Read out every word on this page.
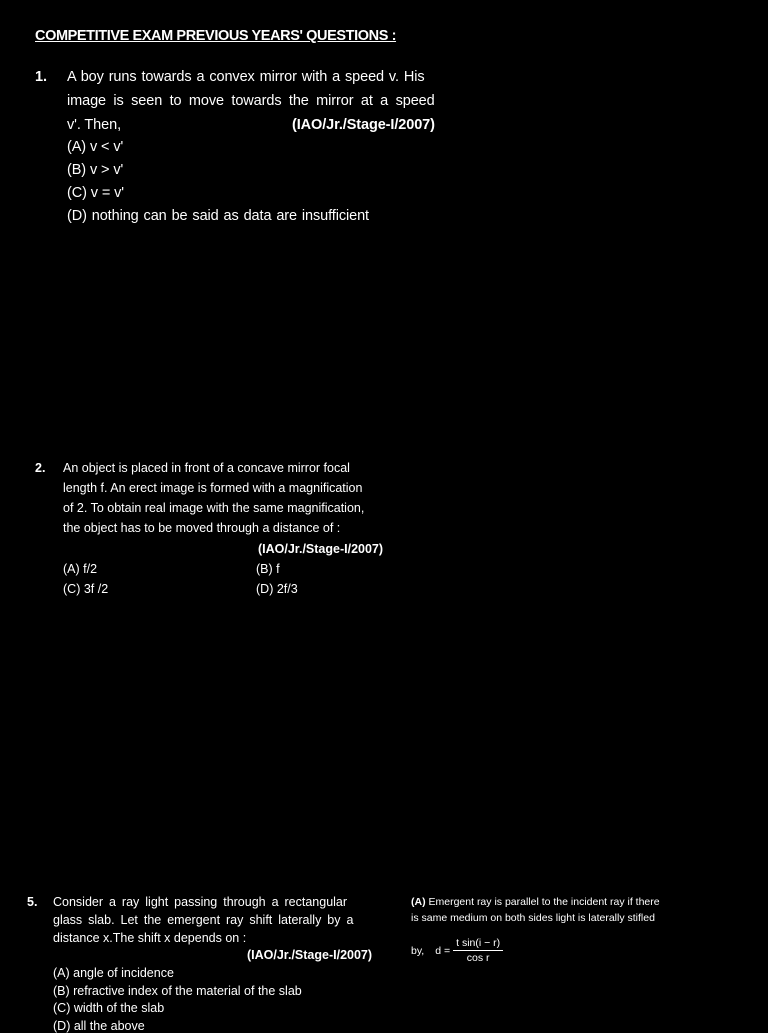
COMPETITIVE EXAM PREVIOUS YEARS' QUESTIONS :
1. A boy runs towards a convex mirror with a speed v. His
image is seen to move towards the mirror at a speed
v'. Then,	(IAO/Jr./Stage-I/2007)
(A) v < v'
(B) v > v'
(C) v = v'
(D) nothing can be said as data are insufficient
2. An object is placed in front of a concave mirror focal
length f. An erect image is formed with a magnification
of 2. To obtain real image with the same magnification,
the object has to be moved through a distance of :
(IAO/Jr./Stage-I/2007)
(A) f/2	(B) f
(C) 3f /2	(D) 2f/3
5. Consider a ray light passing through a rectangular
glass slab. Let the emergent ray shift laterally by a
distance x.The shift x depends on :
(IAO/Jr./Stage-I/2007)
(A) angle of incidence
(B) refractive index of the material of the slab
(C) width of the slab
(D) all the above
(A) Emergent ray is parallel to the incident ray if there
is same medium on both sides light is laterally stifled
by, $d = \frac{\text{t sin(i − r)}}{\text{cos r}}$
